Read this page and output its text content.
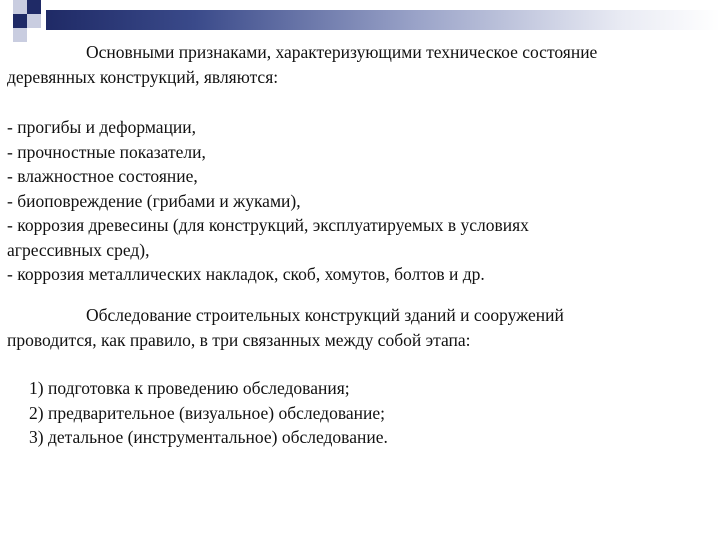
Основными признаками, характеризующими техническое состояние
деревянных конструкций, являются:
- прогибы и деформации,
- прочностные показатели,
- влажностное состояние,
- биоповреждение (грибами и жуками),
- коррозия древесины (для конструкций, эксплуатируемых в условиях
агрессивных сред),
- коррозия металлических накладок, скоб, хомутов, болтов и др.
Обследование строительных конструкций зданий и сооружений
проводится, как правило, в три связанных между собой этапа:
1) подготовка к проведению обследования;
2) предварительное (визуальное) обследование;
3) детальное (инструментальное) обследование.
